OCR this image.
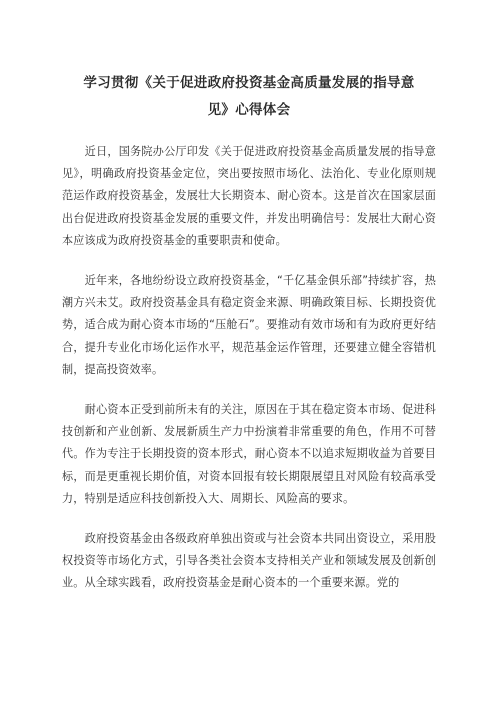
学习贯彻《关于促进政府投资基金高质量发展的指导意
见》心得体会

近日，国务院办公厅印发《关于促进政府投资基金高质量发展的指导意见》，明确政府投资基金定位，突出要按照市场化、法治化、专业化原则规范运作政府投资基金，发展壮大长期资本、耐心资本。这是首次在国家层面出台促进政府投资基金发展的重要文件，并发出明确信号：发展壮大耐心资本应该成为政府投资基金的重要职责和使命。

近年来，各地纷纷设立政府投资基金，“千亿基金俱乐部”持续扩容，热潮方兴未艾。政府投资基金具有稳定资金来源、明确政策目标、长期投资优势，适合成为耐心资本市场的“压舱石”。要推动有效市场和有为政府更好结合，提升专业化市场化运作水平，规范基金运作管理，还要建立健全容错机制，提高投资效率。

耐心资本正受到前所未有的关注，原因在于其在稳定资本市场、促进科技创新和产业创新、发展新质生产力中扮演着非常重要的角色，作用不可替代。作为专注于长期投资的资本形式，耐心资本不以追求短期收益为首要目标，而是更重视长期价值，对资本回报有较长期限展望且对风险有较高承受力，特别是适应科技创新投入大、周期长、风险高的要求。

政府投资基金由各级政府单独出资或与社会资本共同出资设立，采用股权投资等市场化方式，引导各类社会资本支持相关产业和领域发展及创新创业。从全球实践看，政府投资基金是耐心资本的一个重要来源。党的
